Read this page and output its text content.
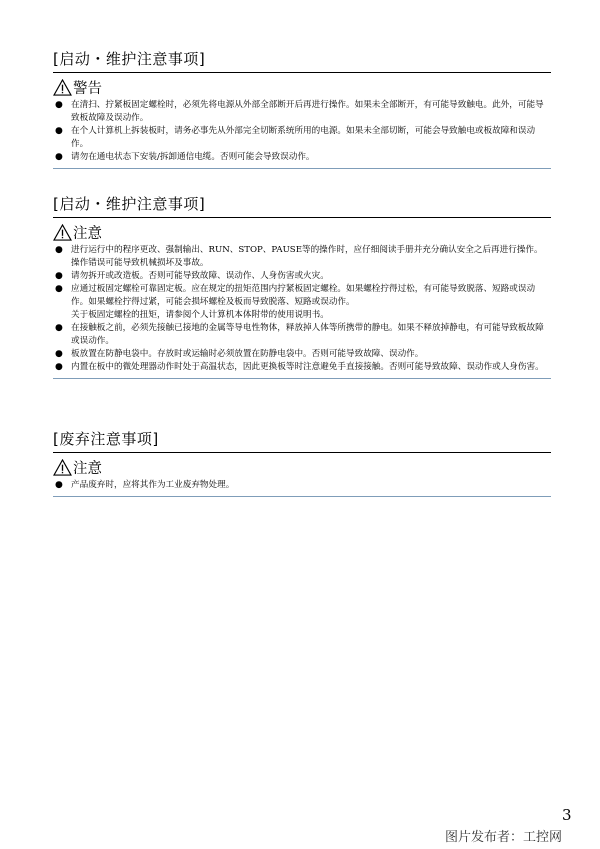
[启动・维护注意事项]
警告
● 在清扫、拧紧板固定螺栓时，必须先将电源从外部全部断开后再进行操作。如果未全部断开，有可能导致触电。此外，可能导致板故障及误动作。
● 在个人计算机上拆装板时，请务必事先从外部完全切断系统所用的电源。如果未全部切断，可能会导致触电或板故障和误动作。
● 请勿在通电状态下安装/拆卸通信电缆。否则可能会导致误动作。
[启动・维护注意事项]
注意
● 进行运行中的程序更改、强制输出、RUN、STOP、PAUSE等的操作时，应仔细阅读手册并充分确认安全之后再进行操作。操作错误可能导致机械损坏及事故。
● 请勿拆开或改造板。否则可能导致故障、误动作、人身伤害或火灾。
● 应通过板固定螺栓可靠固定板。应在规定的扭矩范围内拧紧板固定螺栓。如果螺栓拧得过松，有可能导致脱落、短路或误动作。如果螺栓拧得过紧，可能会损坏螺栓及板而导致脱落、短路或误动作。
关于板固定螺栓的扭矩，请参阅个人计算机本体附带的使用说明书。
● 在接触板之前，必须先接触已接地的金属等导电性物体，释放掉人体等所携带的静电。如果不释放掉静电，有可能导致板故障或误动作。
● 板放置在防静电袋中。存放时或运输时必须放置在防静电袋中。否则可能导致故障、误动作。
● 内置在板中的微处理器动作时处于高温状态，因此更换板等时注意避免手直接接触。否则可能导致故障、误动作或人身伤害。
[废弃注意事项]
注意
● 产品废弃时，应将其作为工业废弃物处理。
3
图片发布者：工控网
